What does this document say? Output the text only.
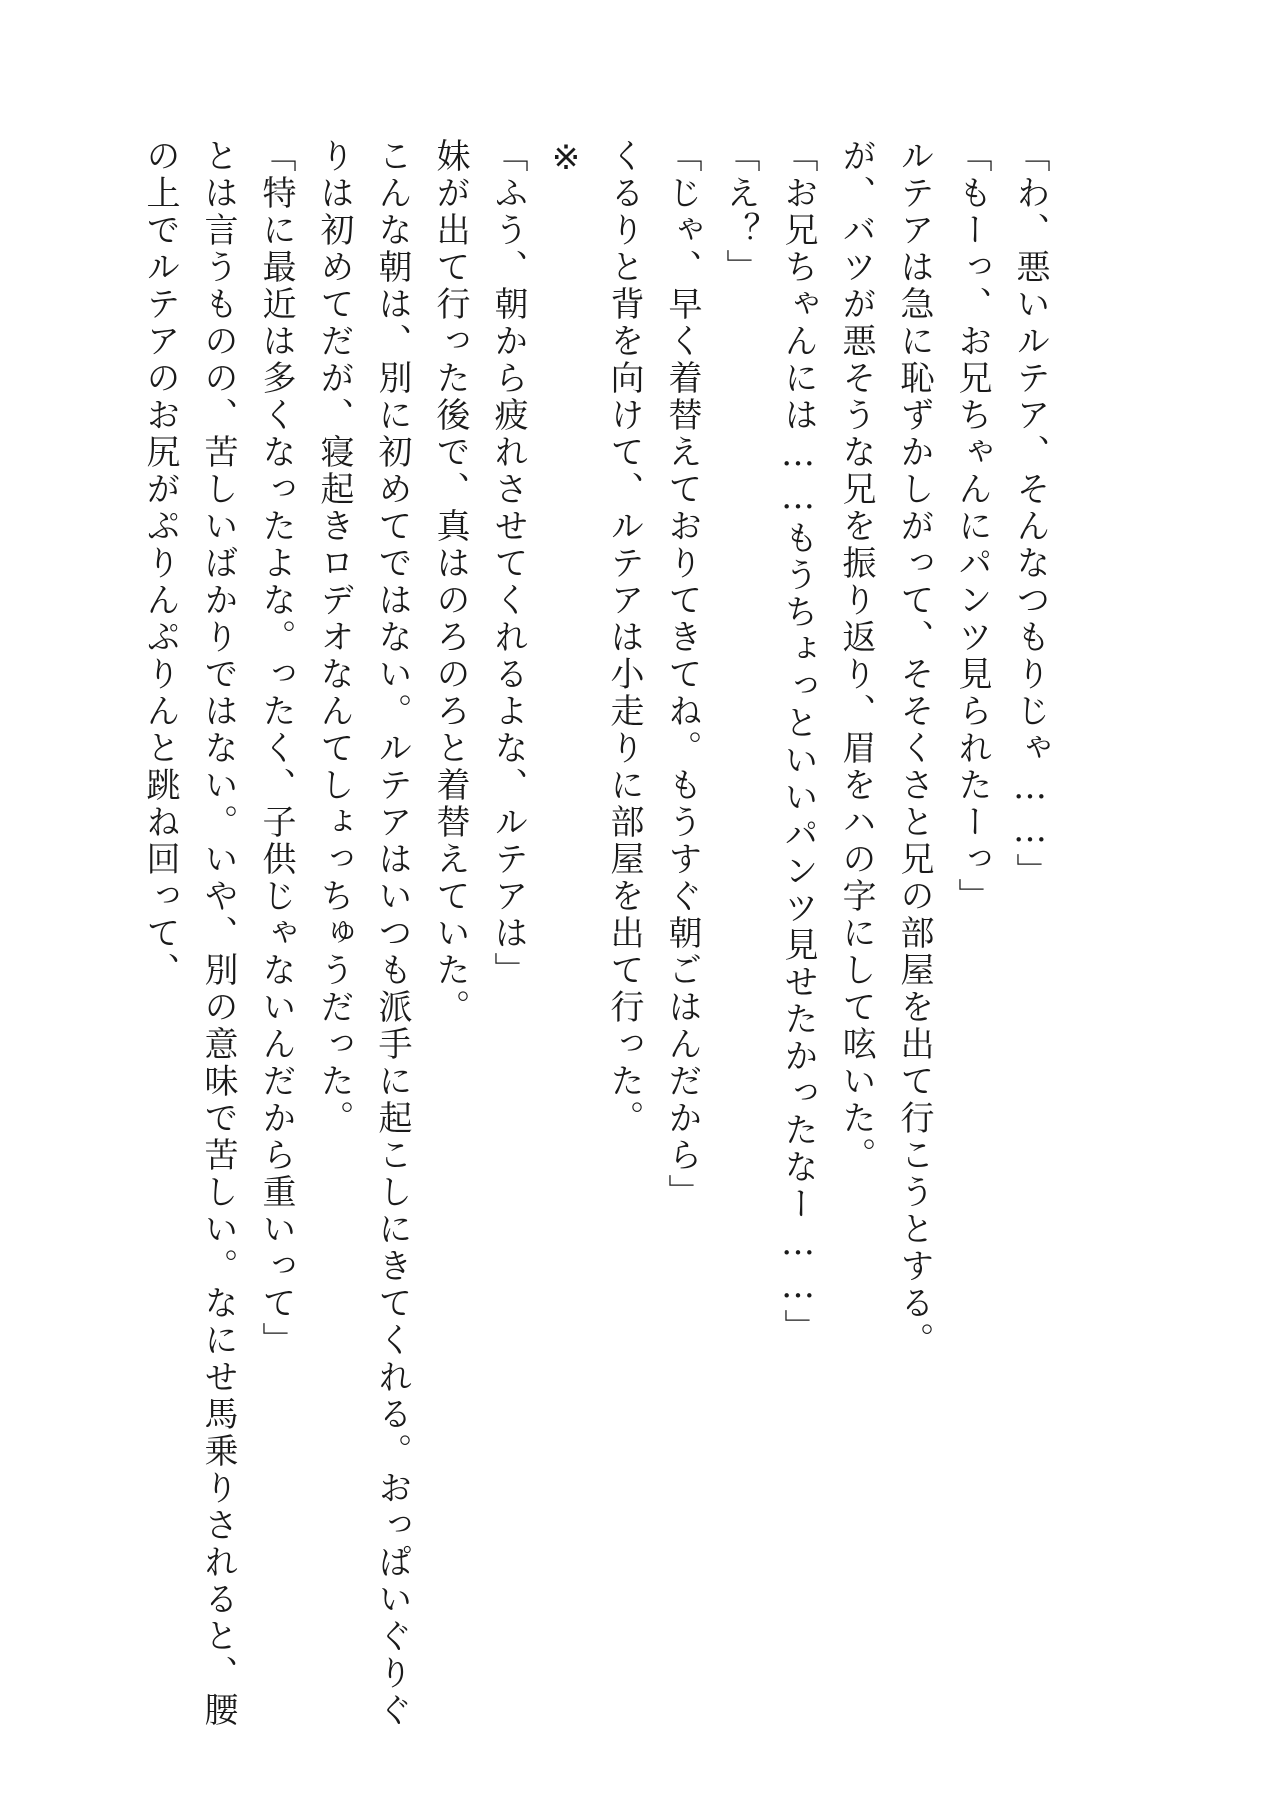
「わ、悪いルテア、そんなつもりじゃ……」
「もーっ、お兄ちゃんにパンツ見られたーっ」
ルテアは急に恥ずかしがって、そそくさと兄の部屋を出て行こうとする。
が、バツが悪そうな兄を振り返り、眉をハの字にして呟いた。
「お兄ちゃんには……もうちょっといいパンツ見せたかったなー……」
「え？」
「じゃ、早く着替えておりてきてね。もうすぐ朝ごはんだから」
くるりと背を向けて、ルテアは小走りに部屋を出て行った。
※
「ふう、朝から疲れさせてくれるよな、ルテアは」
妹が出て行った後で、真はのろのろと着替えていた。
こんな朝は、別に初めてではない。ルテアはいつも派手に起こしにきてくれる。おっぱいぐりぐ
りは初めてだが、寝起きロデオなんてしょっちゅうだった。
「特に最近は多くなったよな。ったく、子供じゃないんだから重いって」
とは言うものの、苦しいばかりではない。いや、別の意味で苦しい。なにせ馬乗りされると、腰
の上でルテアのお尻がぷりんぷりんと跳ね回って、
